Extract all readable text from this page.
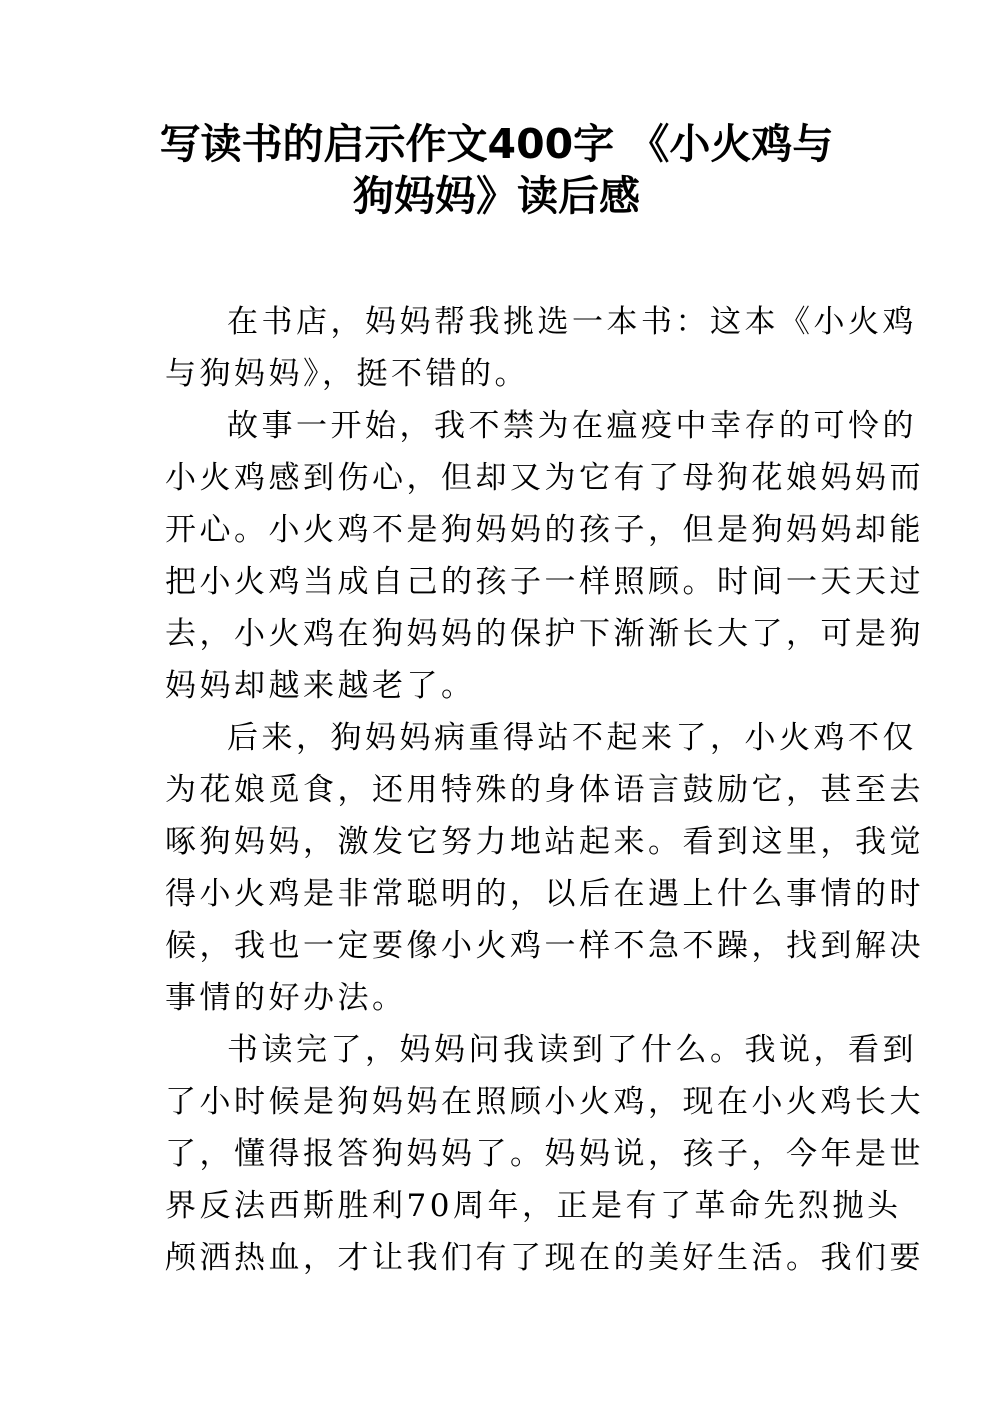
写读书的启示作文400字 《小火鸡与
狗妈妈》读后感
在书店，妈妈帮我挑选一本书：这本《小火鸡
与狗妈妈》，挺不错的。
故事一开始，我不禁为在瘟疫中幸存的可怜的
小火鸡感到伤心，但却又为它有了母狗花娘妈妈而
开心。小火鸡不是狗妈妈的孩子，但是狗妈妈却能
把小火鸡当成自己的孩子一样照顾。时间一天天过
去，小火鸡在狗妈妈的保护下渐渐长大了，可是狗
妈妈却越来越老了。
后来，狗妈妈病重得站不起来了，小火鸡不仅
为花娘觅食，还用特殊的身体语言鼓励它，甚至去
啄狗妈妈，激发它努力地站起来。看到这里，我觉
得小火鸡是非常聪明的，以后在遇上什么事情的时
候，我也一定要像小火鸡一样不急不躁，找到解决
事情的好办法。
书读完了，妈妈问我读到了什么。我说，看到
了小时候是狗妈妈在照顾小火鸡，现在小火鸡长大
了，懂得报答狗妈妈了。妈妈说，孩子，今年是世
界反法西斯胜利70周年，正是有了革命先烈抛头
颅洒热血，才让我们有了现在的美好生活。我们要
